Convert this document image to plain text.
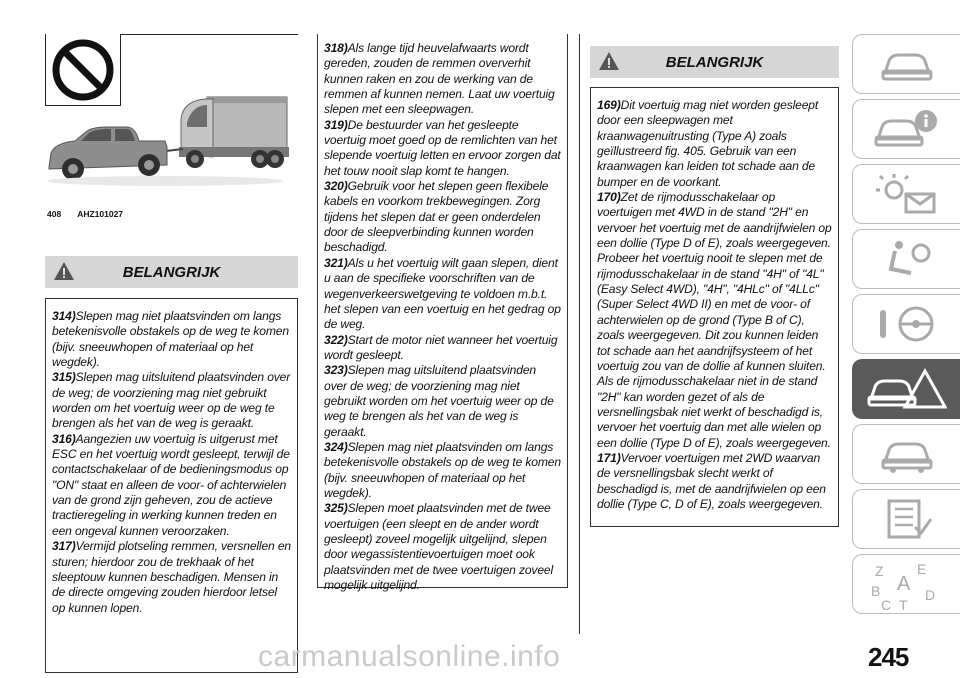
408 AHZ101027
BELANGRIJK

314)Slepen mag niet plaatsvinden om langs betekenisvolle obstakels op de weg te komen (bijv. sneeuwhopen of materiaal op het wegdek).

315)Slepen mag uitsluitend plaatsvinden over de weg; de voorziening mag niet gebruikt worden om het voertuig weer op de weg te brengen als het van de weg is geraakt.

316)Aangezien uw voertuig is uitgerust met ESC en het voertuig wordt gesleept, terwijl de contactschakelaar of de bedieningsmodus op "ON" staat en alleen de voor- of achterwielen van de grond zijn geheven, zou de actieve tractieregeling in werking kunnen treden en een ongeval kunnen veroorzaken.

317)Vermijd plotseling remmen, versnellen en sturen; hierdoor zou de trekhaak of het sleeptouw kunnen beschadigen. Mensen in de directe omgeving zouden hierdoor letsel op kunnen lopen.

318)Als lange tijd heuvelafwaarts wordt gereden, zouden de remmen oververhit kunnen raken en zou de werking van de remmen af kunnen nemen. Laat uw voertuig slepen met een sleepwagen.

319)De bestuurder van het gesleepte voertuig moet goed op de remlichten van het slepende voertuig letten en ervoor zorgen dat het touw nooit slap komt te hangen.

320)Gebruik voor het slepen geen flexibele kabels en voorkom trekbewegingen. Zorg tijdens het slepen dat er geen onderdelen door de sleepverbinding kunnen worden beschadigd.

321)Als u het voertuig wilt gaan slepen, dient u aan de specifieke voorschriften van de wegenverkeerswetgeving te voldoen m.b.t. het slepen van een voertuig en het gedrag op de weg.

322)Start de motor niet wanneer het voertuig wordt gesleept.

323)Slepen mag uitsluitend plaatsvinden over de weg; de voorziening mag niet gebruikt worden om het voertuig weer op de weg te brengen als het van de weg is geraakt.

324)Slepen mag niet plaatsvinden om langs betekenisvolle obstakels op de weg te komen (bijv. sneeuwhopen of materiaal op het wegdek).

325)Slepen moet plaatsvinden met de twee voertuigen (een sleept en de ander wordt gesleept) zoveel mogelijk uitgelijnd, slepen door wegassistentievoertuigen moet ook plaatsvinden met de twee voertuigen zoveel mogelijk uitgelijnd.

BELANGRIJK

169)Dit voertuig mag niet worden gesleept door een sleepwagen met kraanwagenuitrusting (Type A) zoals geïllustreerd fig. 405. Gebruik van een kraanwagen kan leiden tot schade aan de bumper en de voorkant.

170)Zet de rijmodusschakelaar op voertuigen met 4WD in de stand "2H" en vervoer het voertuig met de aandrijfwielen op een dollie (Type D of E), zoals weergegeven. Probeer het voertuig nooit te slepen met de rijmodusschakelaar in de stand "4H" of "4L" (Easy Select 4WD), "4H", "4HLc" of "4LLc" (Super Select 4WD II) en met de voor- of achterwielen op de grond (Type B of C), zoals weergegeven. Dit zou kunnen leiden tot schade aan het aandrijfsysteem of het voertuig zou van de dollie af kunnen sluiten. Als de rijmodusschakelaar niet in de stand "2H" kan worden gezet of als de versnellingsbak niet werkt of beschadigd is, vervoer het voertuig dan met alle wielen op een dollie (Type D of E), zoals weergegeven.

171)Vervoer voertuigen met 2WD waarvan de versnellingsbak slecht werkt of beschadigd is, met de aandrijfwielen op een dollie (Type C, D of E), zoals weergegeven.

Z E
A
B
C
D
T
carmanualsonline.info	245
